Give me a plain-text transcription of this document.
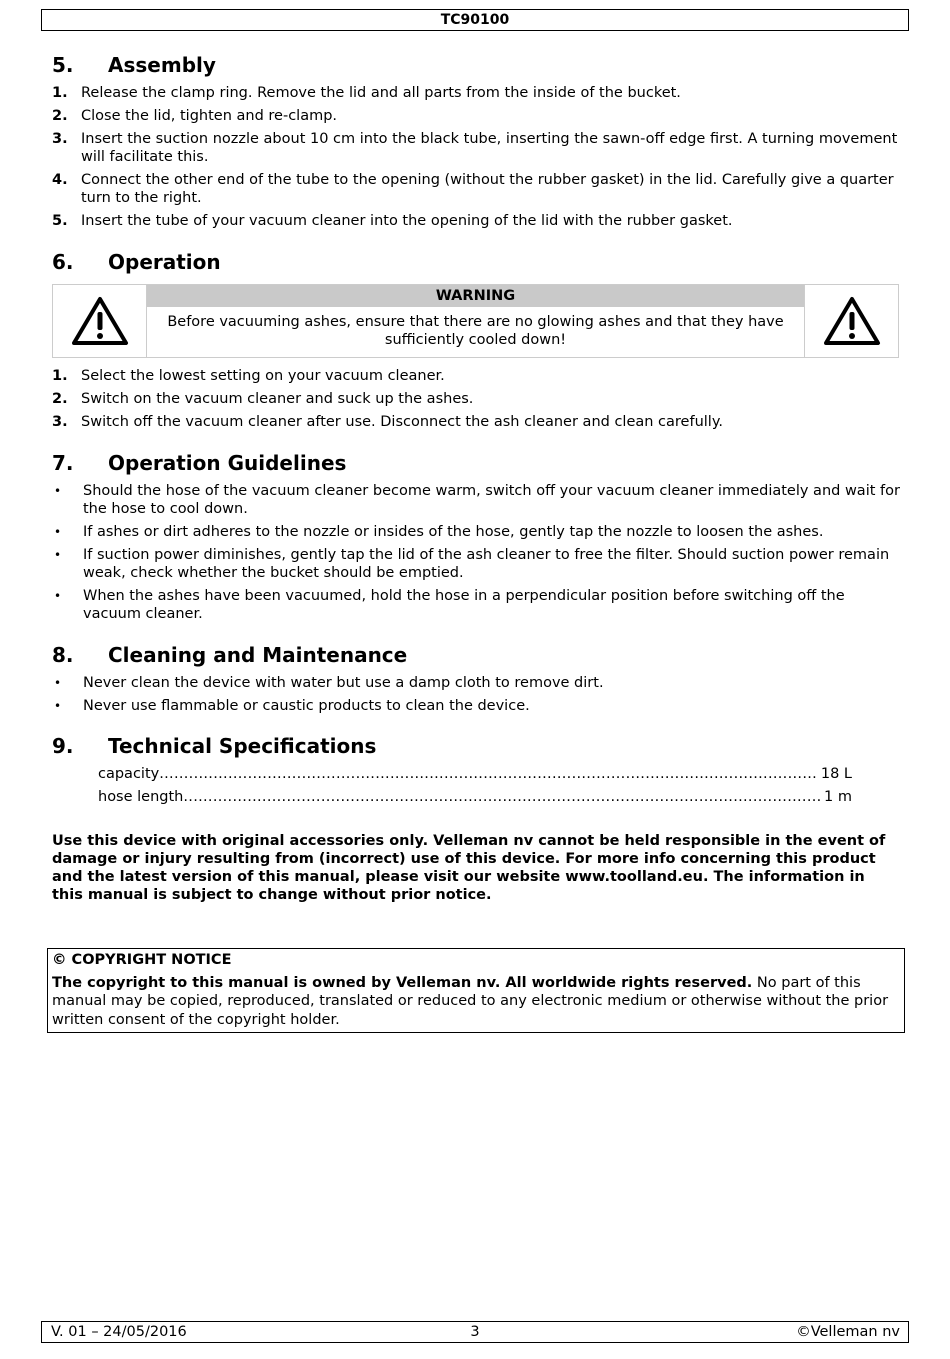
TC90100
5.	Assembly
1. Release the clamp ring. Remove the lid and all parts from the inside of the bucket.
2. Close the lid, tighten and re-clamp.
3. Insert the suction nozzle about 10 cm into the black tube, inserting the sawn-off edge first. A turning movement will facilitate this.
4. Connect the other end of the tube to the opening (without the rubber gasket) in the lid. Carefully give a quarter turn to the right.
5. Insert the tube of your vacuum cleaner into the opening of the lid with the rubber gasket.
6.	Operation
WARNING
Before vacuuming ashes, ensure that there are no glowing ashes and that they have sufficiently cooled down!
1. Select the lowest setting on your vacuum cleaner.
2. Switch on the vacuum cleaner and suck up the ashes.
3. Switch off the vacuum cleaner after use. Disconnect the ash cleaner and clean carefully.
7.	Operation Guidelines
•	Should the hose of the vacuum cleaner become warm, switch off your vacuum cleaner immediately and wait for the hose to cool down.
•	If ashes or dirt adheres to the nozzle or insides of the hose, gently tap the nozzle to loosen the ashes.
•	If suction power diminishes, gently tap the lid of the ash cleaner to free the filter. Should suction power remain weak, check whether the bucket should be emptied.
•	When the ashes have been vacuumed, hold the hose in a perpendicular position before switching off the vacuum cleaner.
8.	Cleaning and Maintenance
•	Never clean the device with water but use a damp cloth to remove dirt.
•	Never use flammable or caustic products to clean the device.
9.	Technical Specifications
capacity .....	18 L
hose length .....	1 m
Use this device with original accessories only. Velleman nv cannot be held responsible in the event of damage or injury resulting from (incorrect) use of this device. For more info concerning this product and the latest version of this manual, please visit our website www.toolland.eu. The information in this manual is subject to change without prior notice.
© COPYRIGHT NOTICE
The copyright to this manual is owned by Velleman nv. All worldwide rights reserved. No part of this manual may be copied, reproduced, translated or reduced to any electronic medium or otherwise without the prior written consent of the copyright holder.
V. 01 – 24/05/2016	3	©Velleman nv
